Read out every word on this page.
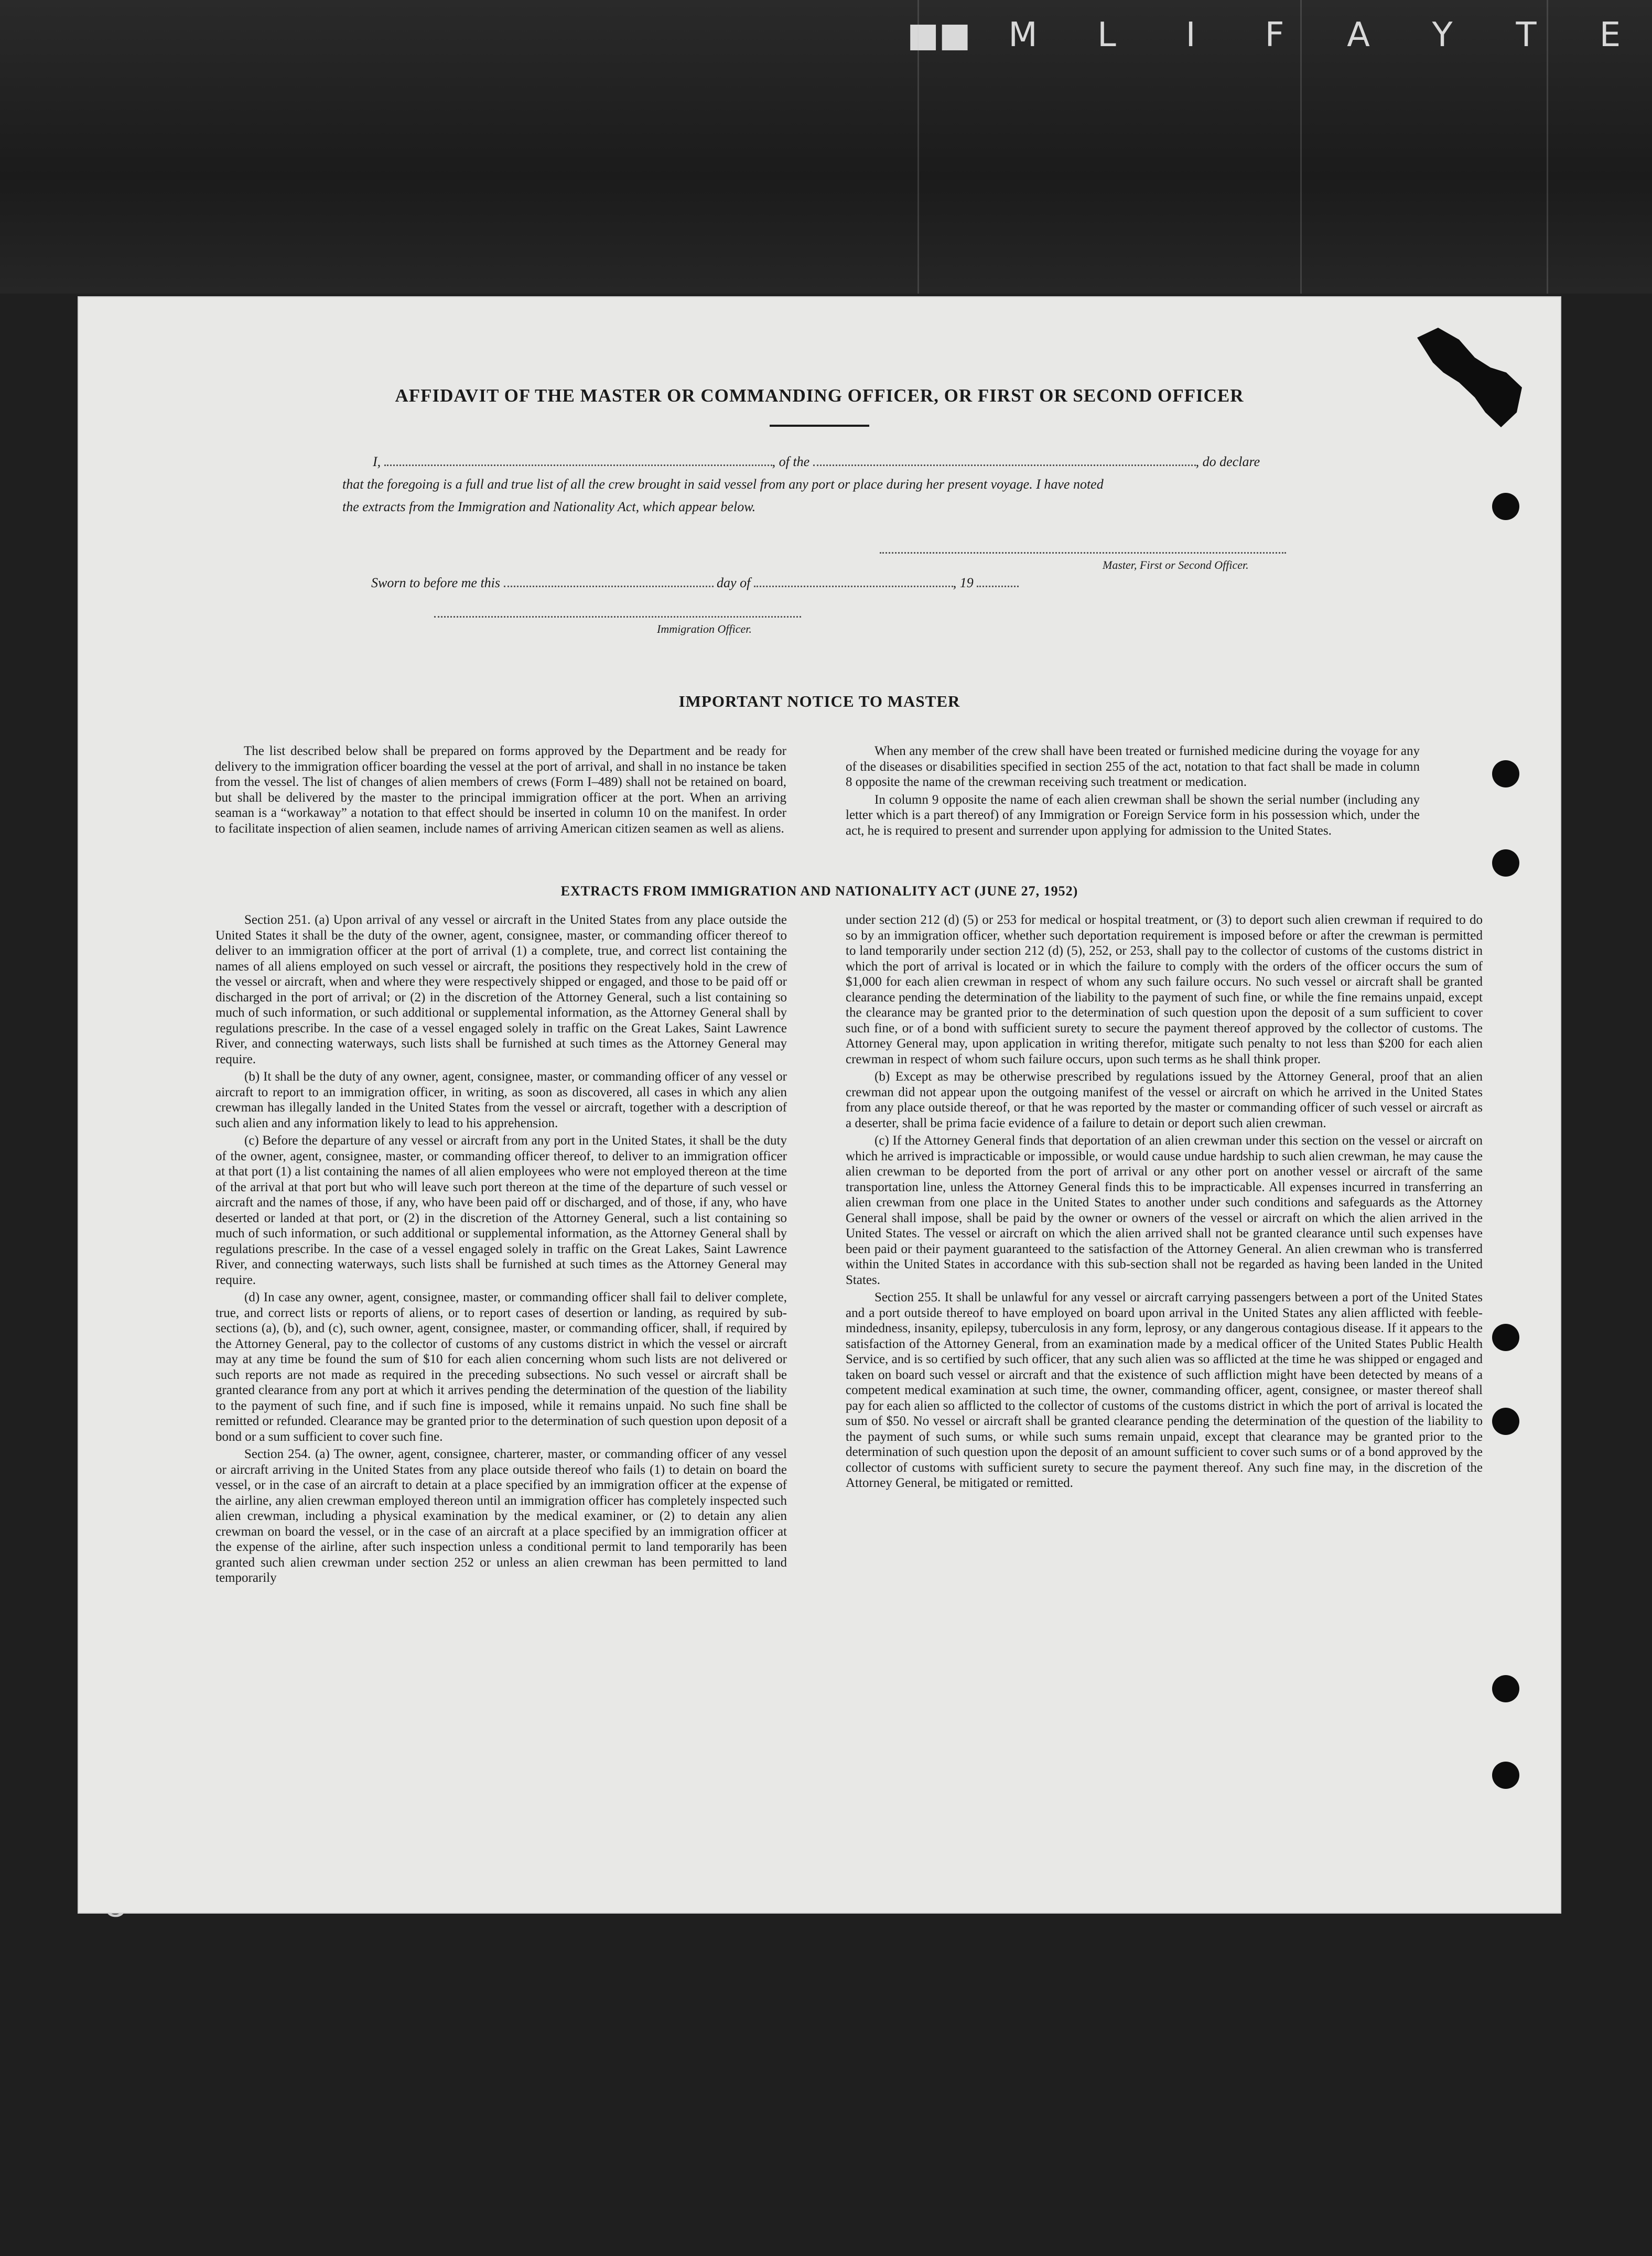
■■ M L I F A Y T E
AFFIDAVIT OF THE MASTER OR COMMANDING OFFICER, OR FIRST OR SECOND OFFICER
I,	, of the	, do declare
that the foregoing is a full and true list of all the crew brought in said vessel from any port or place during her present voyage. I have noted
the extracts from the Immigration and Nationality Act, which appear below.
Master, First or Second Officer.
Sworn to before me this	day of	, 19
Immigration Officer.
IMPORTANT NOTICE TO MASTER

The list described below shall be prepared on forms approved by the Department and be ready for delivery to the immigration officer boarding the vessel at the port of arrival, and shall in no instance be taken from the vessel. The list of changes of alien members of crews (Form I–489) shall not be retained on board, but shall be delivered by the master to the principal immigration officer at the port. When an arriving seaman is a “workaway” a notation to that effect should be inserted in column 10 on the manifest. In order to facilitate inspection of alien seamen, include names of arriving American citizen seamen as well as aliens.

When any member of the crew shall have been treated or furnished medicine during the voyage for any of the diseases or disabilities specified in section 255 of the act, notation to that fact shall be made in column 8 opposite the name of the crewman receiving such treatment or medication.

In column 9 opposite the name of each alien crewman shall be shown the serial number (including any letter which is a part thereof) of any Immigration or Foreign Service form in his possession which, under the act, he is required to present and surrender upon applying for admission to the United States.

EXTRACTS FROM IMMIGRATION AND NATIONALITY ACT (JUNE 27, 1952)

Section 251. (a) Upon arrival of any vessel or aircraft in the United States from any place outside the United States it shall be the duty of the owner, agent, consignee, master, or commanding officer thereof to deliver to an immigration officer at the port of arrival (1) a complete, true, and correct list containing the names of all aliens employed on such vessel or aircraft, the positions they respectively hold in the crew of the vessel or aircraft, when and where they were respectively shipped or engaged, and those to be paid off or discharged in the port of arrival; or (2) in the discretion of the Attorney General, such a list containing so much of such information, or such additional or supplemental information, as the Attorney General shall by regulations prescribe. In the case of a vessel engaged solely in traffic on the Great Lakes, Saint Lawrence River, and connecting waterways, such lists shall be furnished at such times as the Attorney General may require.

(b) It shall be the duty of any owner, agent, consignee, master, or commanding officer of any vessel or aircraft to report to an immigration officer, in writing, as soon as discovered, all cases in which any alien crewman has illegally landed in the United States from the vessel or aircraft, together with a description of such alien and any information likely to lead to his apprehension.

(c) Before the departure of any vessel or aircraft from any port in the United States, it shall be the duty of the owner, agent, consignee, master, or commanding officer thereof, to deliver to an immigration officer at that port (1) a list containing the names of all alien employees who were not employed thereon at the time of the arrival at that port but who will leave such port thereon at the time of the departure of such vessel or aircraft and the names of those, if any, who have been paid off or discharged, and of those, if any, who have deserted or landed at that port, or (2) in the discretion of the Attorney General, such a list containing so much of such information, or such additional or supplemental information, as the Attorney General shall by regulations prescribe. In the case of a vessel engaged solely in traffic on the Great Lakes, Saint Lawrence River, and connecting waterways, such lists shall be furnished at such times as the Attorney General may require.

(d) In case any owner, agent, consignee, master, or commanding officer shall fail to deliver complete, true, and correct lists or reports of aliens, or to report cases of desertion or landing, as required by sub-sections (a), (b), and (c), such owner, agent, consignee, master, or commanding officer, shall, if required by the Attorney General, pay to the collector of customs of any customs district in which the vessel or aircraft may at any time be found the sum of $10 for each alien concerning whom such lists are not delivered or such reports are not made as required in the preceding subsections. No such vessel or aircraft shall be granted clearance from any port at which it arrives pending the determination of the question of the liability to the payment of such fine, and if such fine is imposed, while it remains unpaid. No such fine shall be remitted or refunded. Clearance may be granted prior to the determination of such question upon deposit of a bond or a sum sufficient to cover such fine.

Section 254. (a) The owner, agent, consignee, charterer, master, or commanding officer of any vessel or aircraft arriving in the United States from any place outside thereof who fails (1) to detain on board the vessel, or in the case of an aircraft to detain at a place specified by an immigration officer at the expense of the airline, any alien crewman employed thereon until an immigration officer has completely inspected such alien crewman, including a physical examination by the medical examiner, or (2) to detain any alien crewman on board the vessel, or in the case of an aircraft at a place specified by an immigration officer at the expense of the airline, after such inspection unless a conditional permit to land temporarily has been granted such alien crewman under section 252 or unless an alien crewman has been permitted to land temporarily

under section 212 (d) (5) or 253 for medical or hospital treatment, or (3) to deport such alien crewman if required to do so by an immigration officer, whether such deportation requirement is imposed before or after the crewman is permitted to land temporarily under section 212 (d) (5), 252, or 253, shall pay to the collector of customs of the customs district in which the port of arrival is located or in which the failure to comply with the orders of the officer occurs the sum of $1,000 for each alien crewman in respect of whom any such failure occurs. No such vessel or aircraft shall be granted clearance pending the determination of the liability to the payment of such fine, or while the fine remains unpaid, except the clearance may be granted prior to the determination of such question upon the deposit of a sum sufficient to cover such fine, or of a bond with sufficient surety to secure the payment thereof approved by the collector of customs. The Attorney General may, upon application in writing therefor, mitigate such penalty to not less than $200 for each alien crewman in respect of whom such failure occurs, upon such terms as he shall think proper.

(b) Except as may be otherwise prescribed by regulations issued by the Attorney General, proof that an alien crewman did not appear upon the outgoing manifest of the vessel or aircraft on which he arrived in the United States from any place outside thereof, or that he was reported by the master or commanding officer of such vessel or aircraft as a deserter, shall be prima facie evidence of a failure to detain or deport such alien crewman.

(c) If the Attorney General finds that deportation of an alien crewman under this section on the vessel or aircraft on which he arrived is impracticable or impossible, or would cause undue hardship to such alien crewman, he may cause the alien crewman to be deported from the port of arrival or any other port on another vessel or aircraft of the same transportation line, unless the Attorney General finds this to be impracticable. All expenses incurred in transferring an alien crewman from one place in the United States to another under such conditions and safeguards as the Attorney General shall impose, shall be paid by the owner or owners of the vessel or aircraft on which the alien arrived in the United States. The vessel or aircraft on which the alien arrived shall not be granted clearance until such expenses have been paid or their payment guaranteed to the satisfaction of the Attorney General. An alien crewman who is transferred within the United States in accordance with this sub-section shall not be regarded as having been landed in the United States.

Section 255. It shall be unlawful for any vessel or aircraft carrying passengers between a port of the United States and a port outside thereof to have employed on board upon arrival in the United States any alien afflicted with feeble-mindedness, insanity, epilepsy, tuberculosis in any form, leprosy, or any dangerous contagious disease. If it appears to the satisfaction of the Attorney General, from an examination made by a medical officer of the United States Public Health Service, and is so certified by such officer, that any such alien was so afflicted at the time he was shipped or engaged and taken on board such vessel or aircraft and that the existence of such affliction might have been detected by means of a competent medical examination at such time, the owner, commanding officer, agent, consignee, or master thereof shall pay for each alien so afflicted to the collector of customs of the customs district in which the port of arrival is located the sum of $50. No vessel or aircraft shall be granted clearance pending the determination of the question of the liability to the payment of such sums, or while such sums remain unpaid, except that clearance may be granted prior to the determination of such question upon the deposit of an amount sufficient to cover such sums or of a bond approved by the collector of customs with sufficient surety to secure the payment thereof. Any such fine may, in the discretion of the Attorney General, be mitigated or remitted.
